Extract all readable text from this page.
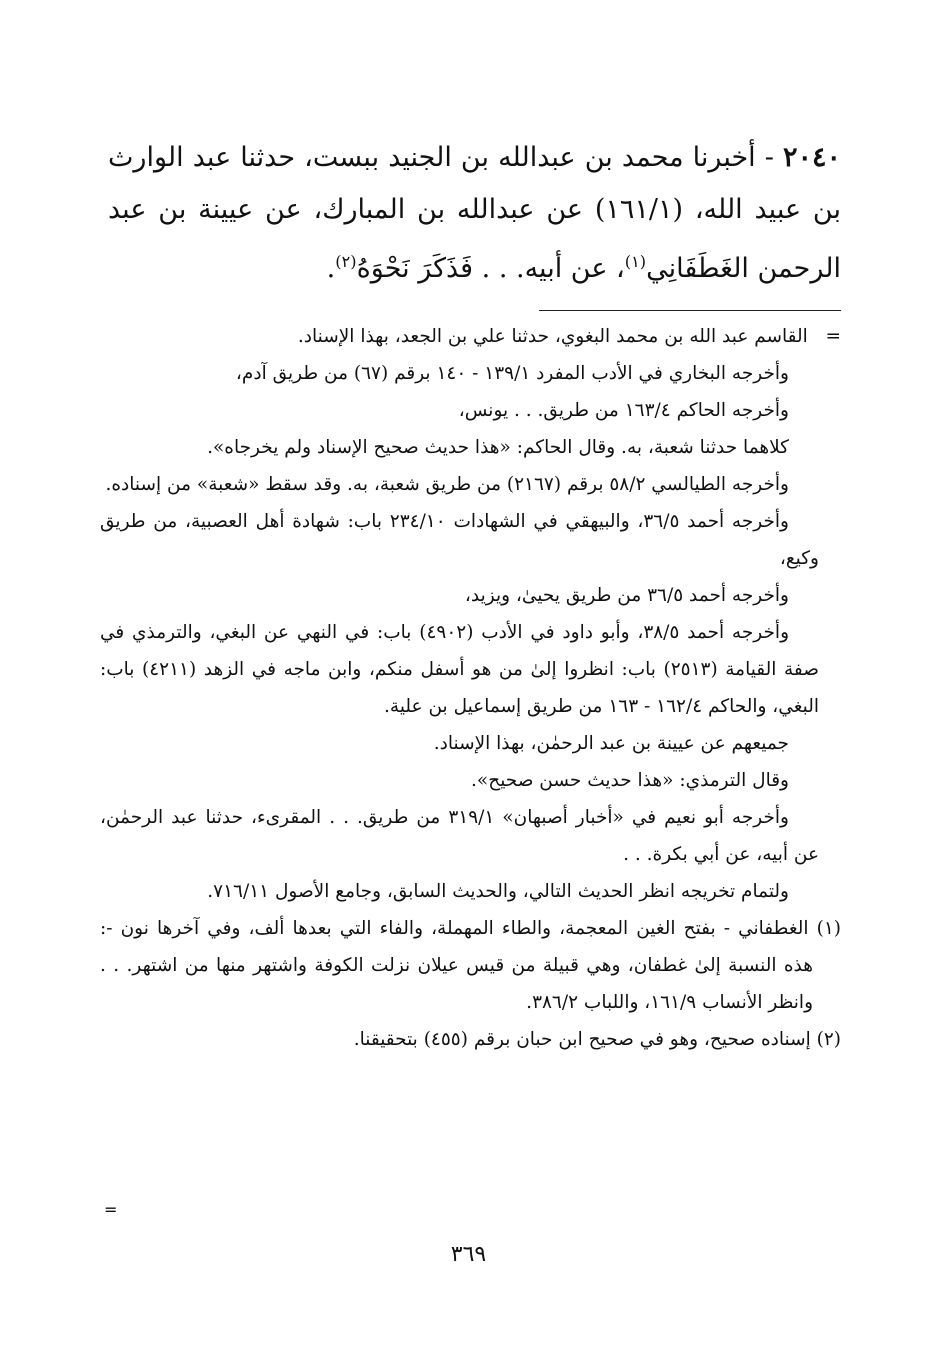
٢٠٤٠ - أخبرنا محمد بن عبدالله بن الجنيد ببست، حدثنا عبد الوارث بن عبيد الله، (١٦١/١) عن عبدالله بن المبارك، عن عيينة بن عبد الرحمن الغَطَفَانِي$^{(١)}$، عن أبيه. . . فَذَكَرَ نَحْوَهُ$^{(٢)}$.

=   القاسم عبد الله بن محمد البغوي، حدثنا علي بن الجعد، بهذا الإسناد.

وأخرجه البخاري في الأدب المفرد ١٣٩/١ - ١٤٠ برقم (٦٧) من طريق آدم،

وأخرجه الحاكم ١٦٣/٤ من طريق. . . يونس،

كلاهما حدثنا شعبة، به. وقال الحاكم: «هذا حديث صحيح الإسناد ولم يخرجاه».

وأخرجه الطيالسي ٥٨/٢ برقم (٢١٦٧) من طريق شعبة، به. وقد سقط «شعبة» من إسناده.

وأخرجه أحمد ٣٦/٥، والبيهقي في الشهادات ٢٣٤/١٠ باب: شهادة أهل العصبية، من طريق وكيع،

وأخرجه أحمد ٣٦/٥ من طريق يحيىٰ، ويزيد،

وأخرجه أحمد ٣٨/٥، وأبو داود في الأدب (٤٩٠٢) باب: في النهي عن البغي، والترمذي في صفة القيامة (٢٥١٣) باب: انظروا إلىٰ من هو أسفل منكم، وابن ماجه في الزهد (٤٢١١) باب: البغي، والحاكم ١٦٢/٤ - ١٦٣ من طريق إسماعيل بن علية.

جميعهم عن عيينة بن عبد الرحمٰن، بهذا الإسناد.

وقال الترمذي: «هذا حديث حسن صحيح».

وأخرجه أبو نعيم في «أخبار أصبهان» ٣١٩/١ من طريق. . . المقرىء، حدثنا عبد الرحمٰن، عن أبيه، عن أبي بكرة. . .

ولتمام تخريجه انظر الحديث التالي، والحديث السابق، وجامع الأصول ٧١٦/١١.

(١) الغطفاني - بفتح الغين المعجمة، والطاء المهملة، والفاء التي بعدها ألف، وفي آخرها نون -: هذه النسبة إلىٰ غطفان، وهي قبيلة من قيس عيلان نزلت الكوفة واشتهر منها من اشتهر. . . وانظر الأنساب ١٦١/٩، واللباب ٣٨٦/٢.

(٢) إسناده صحيح، وهو في صحيح ابن حبان برقم (٤٥٥) بتحقيقنا.

=
٣٦٩
